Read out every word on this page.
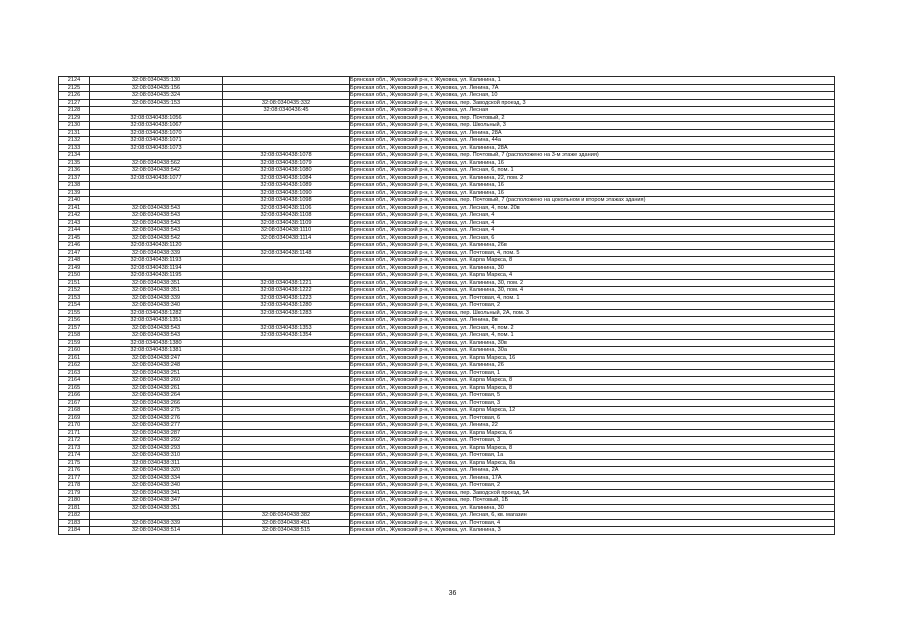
2124	32:08:0340435:130		Брянская обл., Жуковский р-н, г. Жуковка, ул. Калинина, 1
2125	32:08:0340435:156		Брянская обл., Жуковский р-н, г. Жуковка, ул. Ленина, 7А
2126	32:08:0340435:324		Брянская обл., Жуковский р-н, г. Жуковка, ул. Лесная, 10
2127	32:08:0340435:153	32:08:0340435:332	Брянская обл., Жуковский р-н, г. Жуковка, пер. Заводской проезд, 3
2128		32:08:0340436:45	Брянская обл., Жуковский р-н, г. Жуковка, ул. Лесная
2129	32:08:0340438:1056		Брянская обл., Жуковский р-н, г. Жуковка, пер. Почтовый, 2
2130	32:08:0340438:1067		Брянская обл., Жуковский р-н, г. Жуковка, пер. Школьный, 3
2131	32:08:0340438:1070		Брянская обл., Жуковский р-н, г. Жуковка, ул. Ленина, 28А
2132	32:08:0340438:1071		Брянская обл., Жуковский р-н, г. Жуковка, ул. Ленина, 44а
2133	32:08:0340438:1073		Брянская обл., Жуковский р-н, г. Жуковка, ул. Калинина, 28А
2134		32:08:0340438:1078	Брянская обл., Жуковский р-н, г. Жуковка, пер. Почтовый, 7 (расположено на 3-м этаже здания)
2135	32:08:0340438:562	32:08:0340438:1079	Брянская обл., Жуковский р-н, г. Жуковка, ул. Калинина, 16
2136	32:08:0340438:542	32:08:0340438:1080	Брянская обл., Жуковский р-н, г. Жуковка, ул. Лесная, 6, пом. 1
2137	32:08:0340438:1077	32:08:0340438:1084	Брянская обл., Жуковский р-н, г. Жуковка, ул. Калинина, 22, пом. 2
2138		32:08:0340438:1089	Брянская обл., Жуковский р-н, г. Жуковка, ул. Калинина, 16
2139		32:08:0340438:1090	Брянская обл., Жуковский р-н, г. Жуковка, ул. Калинина, 16
2140		32:08:0340438:1098	Брянская обл., Жуковский р-н, г. Жуковка, пер. Почтовый, 7 (расположено на цокольном и втором этажах здания)
2141	32:08:0340438:543	32:08:0340438:1106	Брянская обл., Жуковский р-н, г. Жуковка, ул. Лесная, 4, пом. 20в
2142	32:08:0340438:543	32:08:0340438:1108	Брянская обл., Жуковский р-н, г. Жуковка, ул. Лесная, 4
2143	32:08:0340438:543	32:08:0340438:1109	Брянская обл., Жуковский р-н, г. Жуковка, ул. Лесная, 4
2144	32:08:0340438:543	32:08:0340438:1110	Брянская обл., Жуковский р-н, г. Жуковка, ул. Лесная, 4
2145	32:08:0340438:542	32:08:0340438:1114	Брянская обл., Жуковский р-н, г. Жуковка, ул. Лесная, 6
2146	32:08:0340438:1120		Брянская обл., Жуковский р-н, г. Жуковка, ул. Калинина, 26в
2147	32:08:0340438:339	32:08:0340438:1148	Брянская обл., Жуковский р-н, г. Жуковка, ул. Почтовая, 4, пом. 5
2148	32:08:0340438:1193		Брянская обл., Жуковский р-н, г. Жуковка, ул. Карла Маркса, 8
2149	32:08:0340438:1194		Брянская обл., Жуковский р-н, г. Жуковка, ул. Калинина, 30
2150	32:08:0340438:1195		Брянская обл., Жуковский р-н, г. Жуковка, ул. Карла Маркса, 4
2151	32:08:0340438:351	32:08:0340438:1221	Брянская обл., Жуковский р-н, г. Жуковка, ул. Калинина, 30, пом. 2
2152	32:08:0340438:351	32:08:0340438:1222	Брянская обл., Жуковский р-н, г. Жуковка, ул. Калинина, 30, пом. 4
2153	32:08:0340438:339	32:08:0340438:1223	Брянская обл., Жуковский р-н, г. Жуковка, ул. Почтовая, 4, пом. 1
2154	32:08:0340438:340	32:08:0340438:1280	Брянская обл., Жуковский р-н, г. Жуковка, ул. Почтовая, 2
2155	32:08:0340438:1282	32:08:0340438:1283	Брянская обл., Жуковский р-н, г. Жуковка, пер. Школьный, 2А, пом. 3
2156	32:08:0340438:1351		Брянская обл., Жуковский р-н, г. Жуковка, ул. Ленина, 8в
2157	32:08:0340438:543	32:08:0340438:1353	Брянская обл., Жуковский р-н, г. Жуковка, ул. Лесная, 4, пом. 2
2158	32:08:0340438:543	32:08:0340438:1354	Брянская обл., Жуковский р-н, г. Жуковка, ул. Лесная, 4, пом. 1
2159	32:08:0340438:1380		Брянская обл., Жуковский р-н, г. Жуковка, ул. Калинина, 30в
2160	32:08:0340438:1381		Брянская обл., Жуковский р-н, г. Жуковка, ул. Калинина, 30а
2161	32:08:0340438:247		Брянская обл., Жуковский р-н, г. Жуковка, ул. Карла Маркса, 16
2162	32:08:0340438:248		Брянская обл., Жуковский р-н, г. Жуковка, ул. Калинина, 26
2163	32:08:0340438:251		Брянская обл., Жуковский р-н, г. Жуковка, ул. Почтовая, 1
2164	32:08:0340438:260		Брянская обл., Жуковский р-н, г. Жуковка, ул. Карла Маркса, 8
2165	32:08:0340438:261		Брянская обл., Жуковский р-н, г. Жуковка, ул. Карла Маркса, 8
2166	32:08:0340438:264		Брянская обл., Жуковский р-н, г. Жуковка, ул. Почтовая, 5
2167	32:08:0340438:266		Брянская обл., Жуковский р-н, г. Жуковка, ул. Почтовая, 3
2168	32:08:0340438:275		Брянская обл., Жуковский р-н, г. Жуковка, ул. Карла Маркса, 12
2169	32:08:0340438:276		Брянская обл., Жуковский р-н, г. Жуковка, ул. Почтовая, 6
2170	32:08:0340438:277		Брянская обл., Жуковский р-н, г. Жуковка, ул. Ленина, 22
2171	32:08:0340438:287		Брянская обл., Жуковский р-н, г. Жуковка, ул. Карла Маркса, 6
2172	32:08:0340438:292		Брянская обл., Жуковский р-н, г. Жуковка, ул. Почтовая, 3
2173	32:08:0340438:293		Брянская обл., Жуковский р-н, г. Жуковка, ул. Карла Маркса, 8
2174	32:08:0340438:310		Брянская обл., Жуковский р-н, г. Жуковка, ул. Почтовая, 1а
2175	32:08:0340438:311		Брянская обл., Жуковский р-н, г. Жуковка, ул. Карла Маркса, 8а
2176	32:08:0340438:320		Брянская обл., Жуковский р-н, г. Жуковка, ул. Ленина, 2А
2177	32:08:0340438:334		Брянская обл., Жуковский р-н, г. Жуковка, ул. Ленина, 17А
2178	32:08:0340438:340		Брянская обл., Жуковский р-н, г. Жуковка, ул. Почтовая, 2
2179	32:08:0340438:341		Брянская обл., Жуковский р-н, г. Жуковка, пер. Заводской проезд, 5А
2180	32:08:0340438:347		Брянская обл., Жуковский р-н, г. Жуковка, пер. Почтовый, 1Б
2181	32:08:0340438:351		Брянская обл., Жуковский р-н, г. Жуковка, ул. Калинина, 30
2182		32:08:0340438:382	Брянская обл., Жуковский р-н, г. Жуковка, ул. Лесная, 6, кв. магазин
2183	32:08:0340438:339	32:08:0340438:451	Брянская обл., Жуковский р-н, г. Жуковка, ул. Почтовая, 4
2184	32:08:0340438:514	32:08:0340438:515	Брянская обл., Жуковский р-н, г. Жуковка, ул. Калинина, 3
36
